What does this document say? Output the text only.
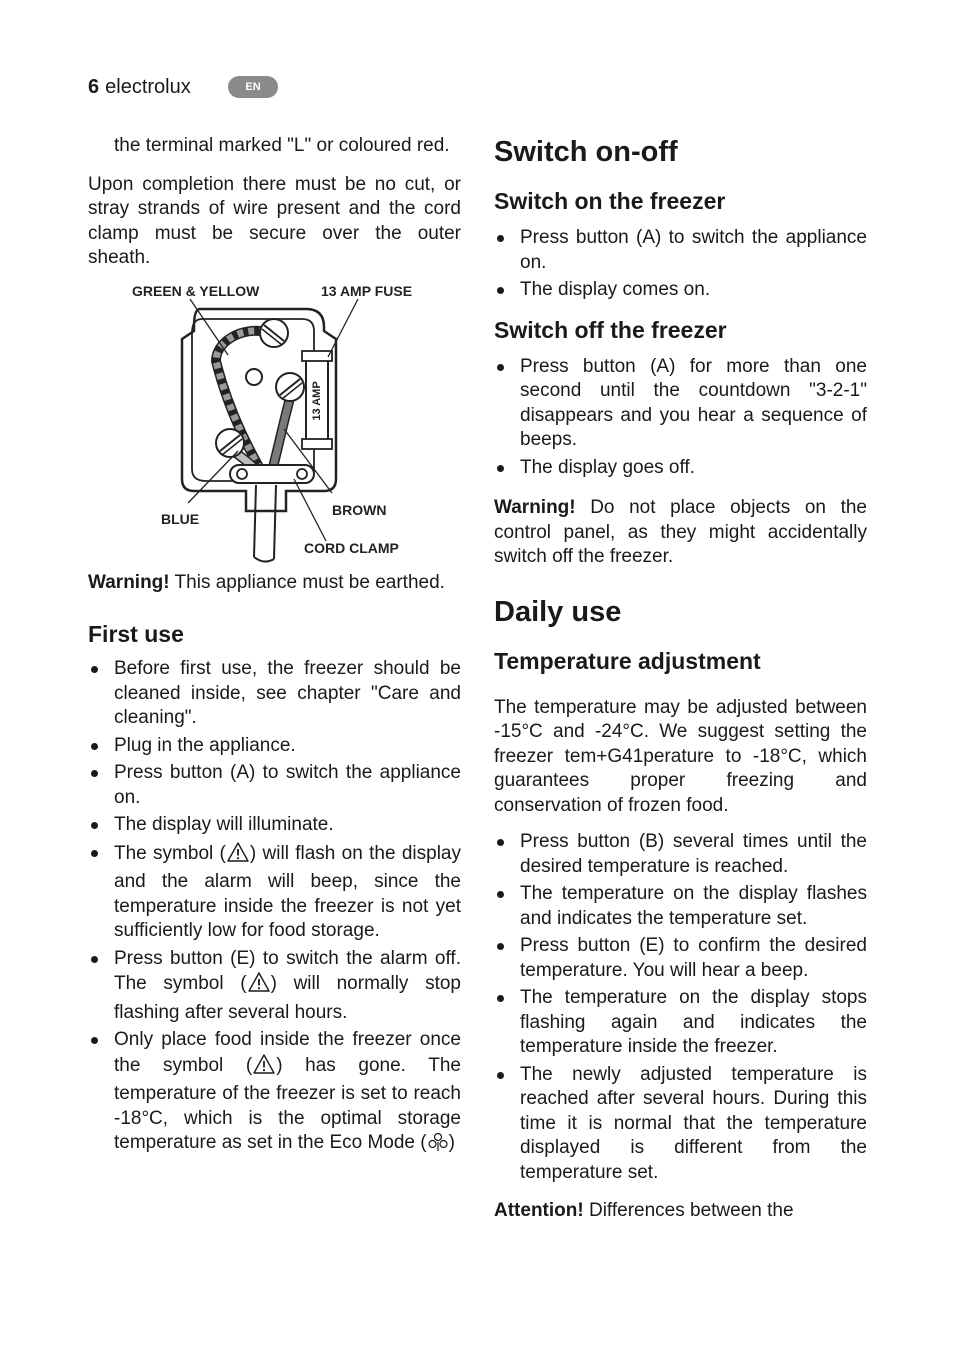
6 electrolux	EN

the terminal marked "L" or coloured red.

Upon completion there must be no cut, or stray strands of wire present and the cord clamp must be secure over the outer sheath.

13 AMP
GREEN & YELLOW	13 AMP FUSE
BLUE
BROWN
CORD CLAMP

Warning! This appliance must be earthed.

First use
Before first use, the freezer should be cleaned inside, see chapter "Care and cleaning".
Plug in the appliance.
Press button (A) to switch the appliance on.
The display will illuminate.
The symbol ( ) will flash on the display and the alarm will beep, since the temperature inside the freezer is not yet sufficiently low for food storage.
Press button (E) to switch the alarm off. The symbol ( ) will normally stop flashing after several hours.
Only place food inside the freezer once the symbol ( ) has gone. The temperature of the freezer is set to reach -18°C, which is the optimal storage temperature as set in the Eco Mode ( )
Switch on-off
Switch on the freezer
Press button (A) to switch the appliance on.
The display comes on.
Switch off the freezer
Press button (A) for more than one second until the countdown "3-2-1" disappears and you hear a sequence of beeps.
The display goes off.

Warning! Do not place objects on the control panel, as they might accidentally switch off the freezer.

Daily use
Temperature adjustment

The temperature may be adjusted between -15°C and -24°C. We suggest setting the freezer tem+G41perature to -18°C, which guarantees proper freezing and conservation of frozen food.

Press button (B) several times until the desired temperature is reached.
The temperature on the display flashes and indicates the temperature set.
Press button (E) to confirm the desired temperature. You will hear a beep.
The temperature on the display stops flashing again and indicates the temperature inside the freezer.
The newly adjusted temperature is reached after several hours. During this time it is normal that the temperature displayed is different from the temperature set.

Attention! Differences between the
